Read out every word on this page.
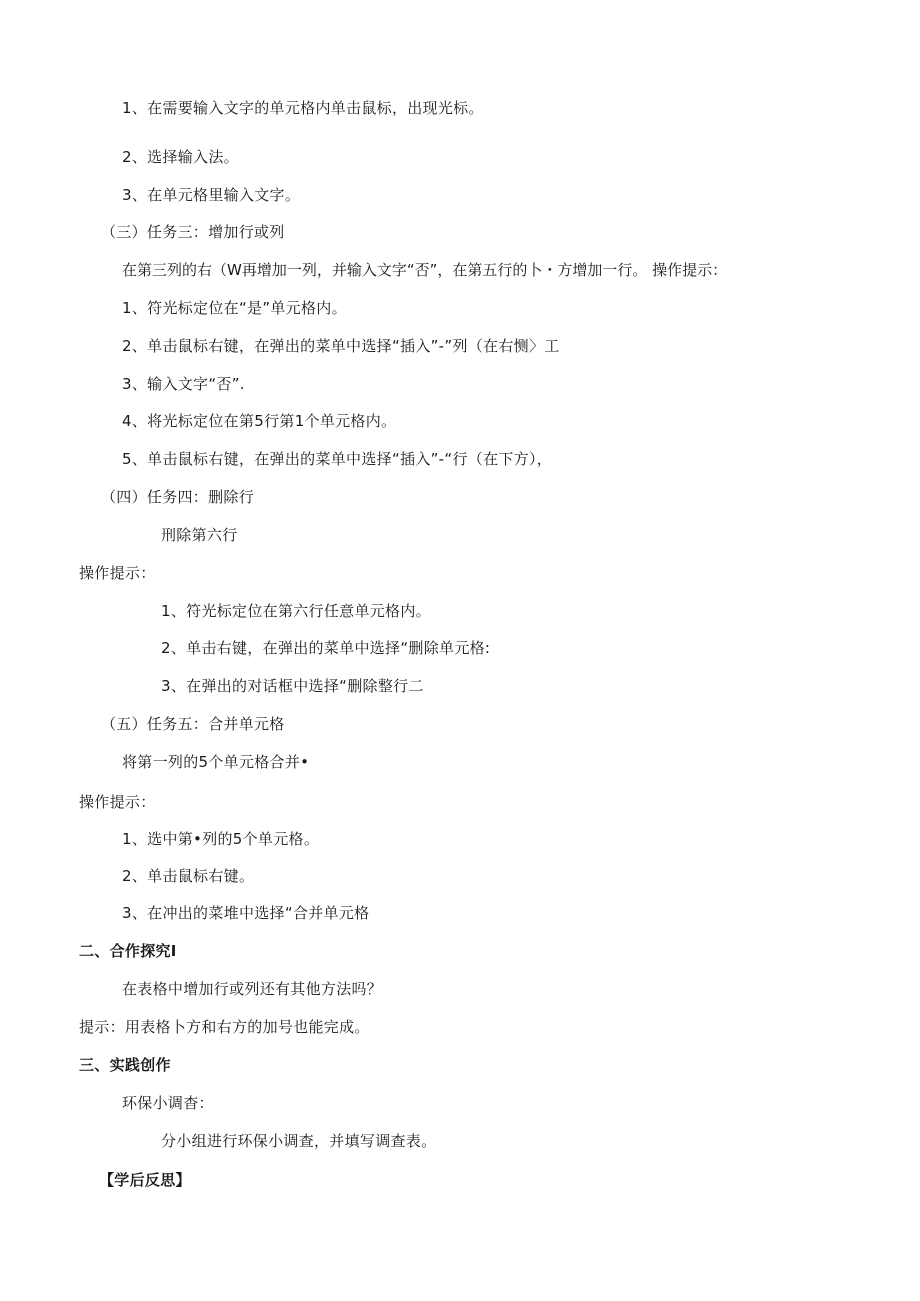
1、在需要输入文字的单元格内单击鼠标，出现光标。
2、选择输入法。
3、在单元格里输入文字。
（三）任务三：增加行或列
在第三列的右（W再增加一列，并输入文字“否”，在第五行的卜・方增加一行。 操作提示：
1、符光标定位在“是”单元格内。
2、单击鼠标右键，在弹出的菜单中选择“插入”-”列（在右恻〉工
3、输入文字“否”.
4、将光标定位在第5行第1个单元格内。
5、单击鼠标右键，在弹出的菜单中选择“插入”-“行（在下方），
（四）任务四：删除行
刑除第六行
操作提示：
1、符光标定位在第六行任意单元格内。
2、单击右键，在弹出的菜单中选择“删除单元格:
3、在弹出的对话框中选择“删除整行二
（五）任务五：合并单元格
将第一列的5个单元格合并•
操作提示：
1、选中第•列的5个单元格。
2、单击鼠标右键。
3、在冲出的菜堆中选择“合并单元格
二、合作探究I
在表格中增加行或列还有其他方法吗？
提示：用表格卜方和右方的加号也能完成。
三、实践创作
环保小调杳：
分小组进行环保小调查，并填写调查表。
【学后反思】
